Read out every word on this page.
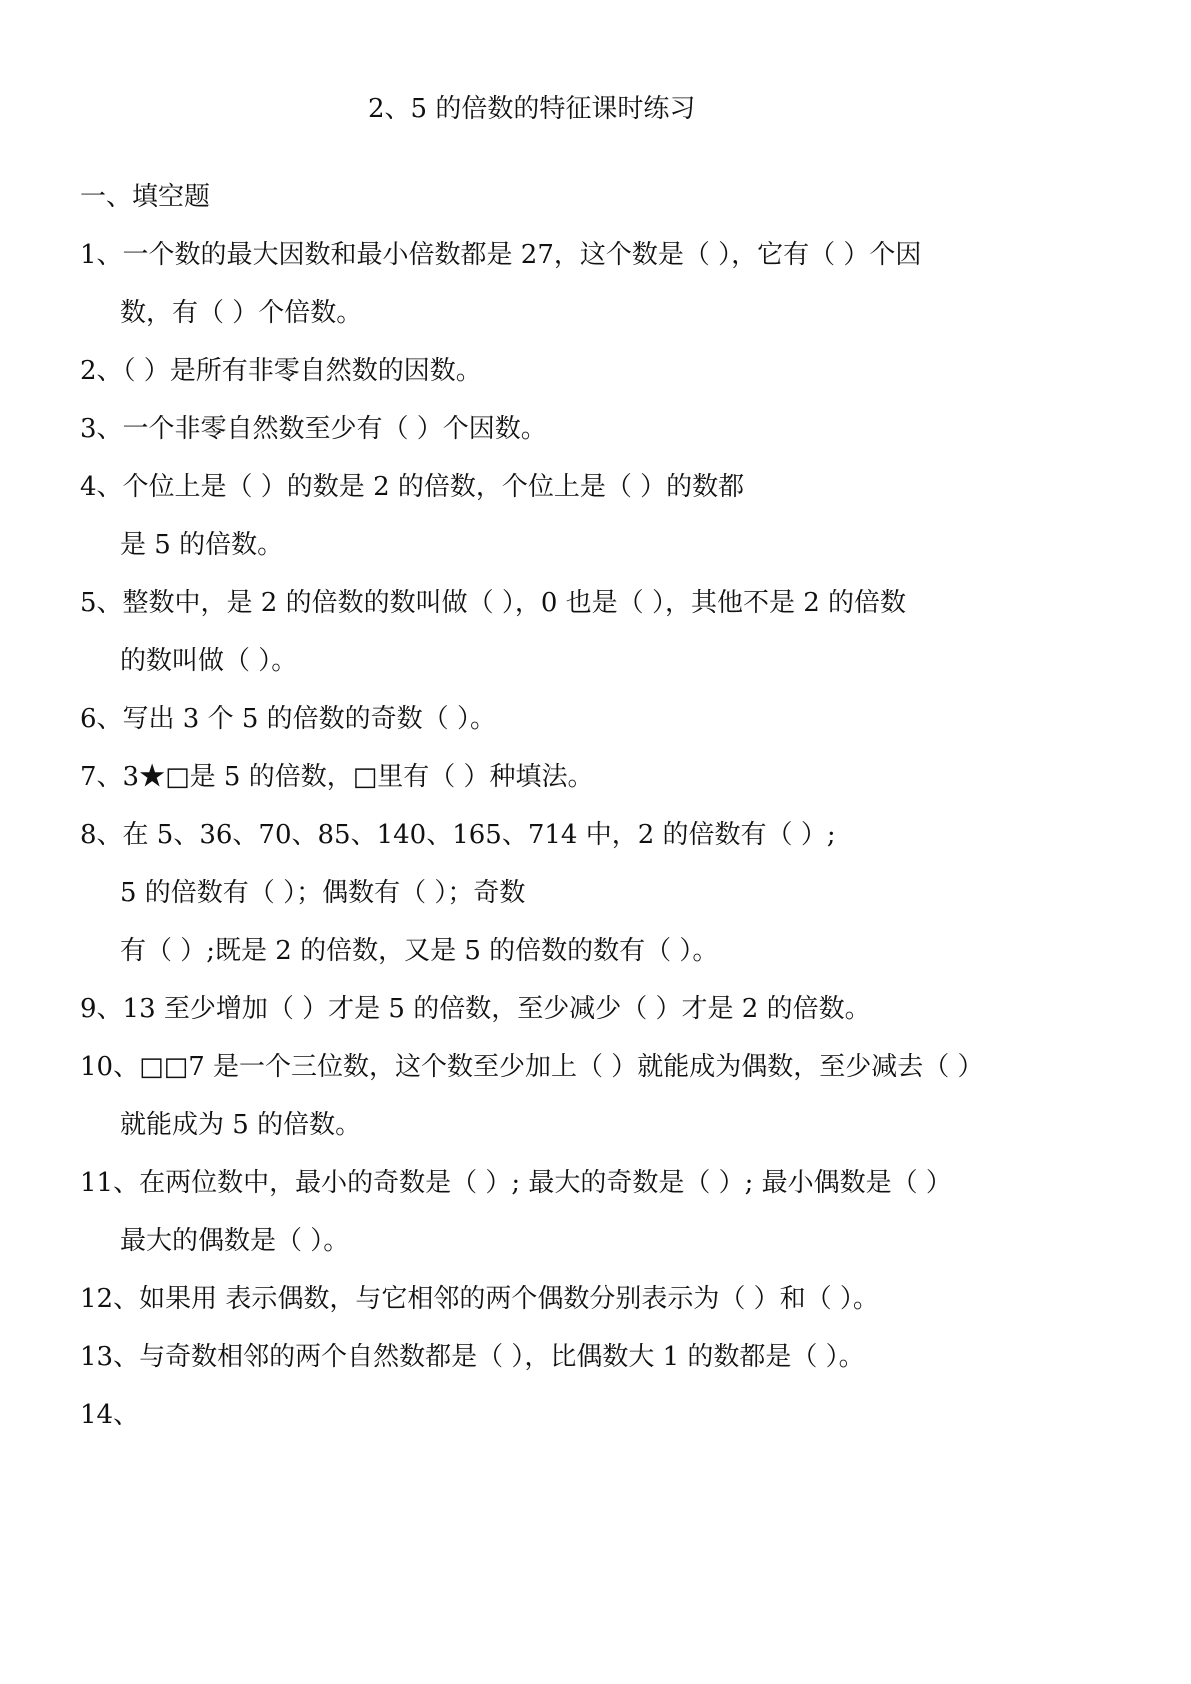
2、5 的倍数的特征课时练习
一、填空题
1、一个数的最大因数和最小倍数都是 27，这个数是（ ），它有（ ）个因
数，有（ ）个倍数。
2、（ ）是所有非零自然数的因数。
3、一个非零自然数至少有（ ）个因数。
4、个位上是（ ）的数是 2 的倍数，个位上是（ ）的数都
是 5 的倍数。
5、整数中，是 2 的倍数的数叫做（ ），0 也是（ ），其他不是 2 的倍数
的数叫做（ ）。
6、写出 3 个 5 的倍数的奇数（ ）。
7、3★□是 5 的倍数，□里有（ ）种填法。
8、在 5、36、70、85、140、165、714 中，2 的倍数有（ ）;
5 的倍数有（ ）；偶数有（ ）；奇数
有（ ）;既是 2 的倍数，又是 5 的倍数的数有（ ）。
9、13 至少增加（ ）才是 5 的倍数，至少减少（ ）才是 2 的倍数。
10、□□7 是一个三位数，这个数至少加上（ ）就能成为偶数，至少减去（ ）
就能成为 5 的倍数。
11、在两位数中，最小的奇数是（ ）; 最大的奇数是（ ）; 最小偶数是（ ）
最大的偶数是（ ）。
12、如果用 表示偶数，与它相邻的两个偶数分别表示为（ ）和（ ）。
13、与奇数相邻的两个自然数都是（ ），比偶数大 1 的数都是（ ）。
14、
